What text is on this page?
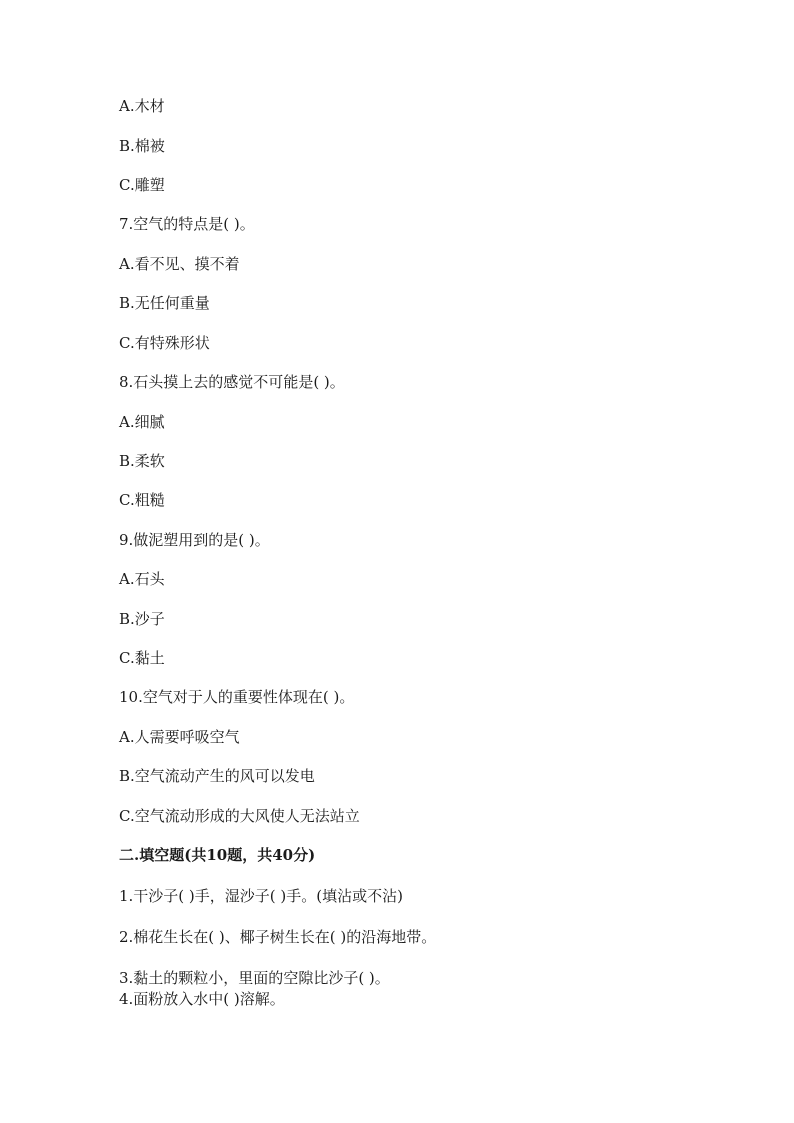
A.木材
B.棉被
C.雕塑
7.空气的特点是( )。
A.看不见、摸不着
B.无任何重量
C.有特殊形状
8.石头摸上去的感觉不可能是( )。
A.细腻
B.柔软
C.粗糙
9.做泥塑用到的是( )。
A.石头
B.沙子
C.黏土
10.空气对于人的重要性体现在( )。
A.人需要呼吸空气
B.空气流动产生的风可以发电
C.空气流动形成的大风使人无法站立
二.填空题(共10题，共40分)
1.干沙子( )手，湿沙子( )手。(填沾或不沾)
2.棉花生长在( )、椰子树生长在( )的沿海地带。
3.黏土的颗粒小，里面的空隙比沙子( )。
4.面粉放入水中( )溶解。
